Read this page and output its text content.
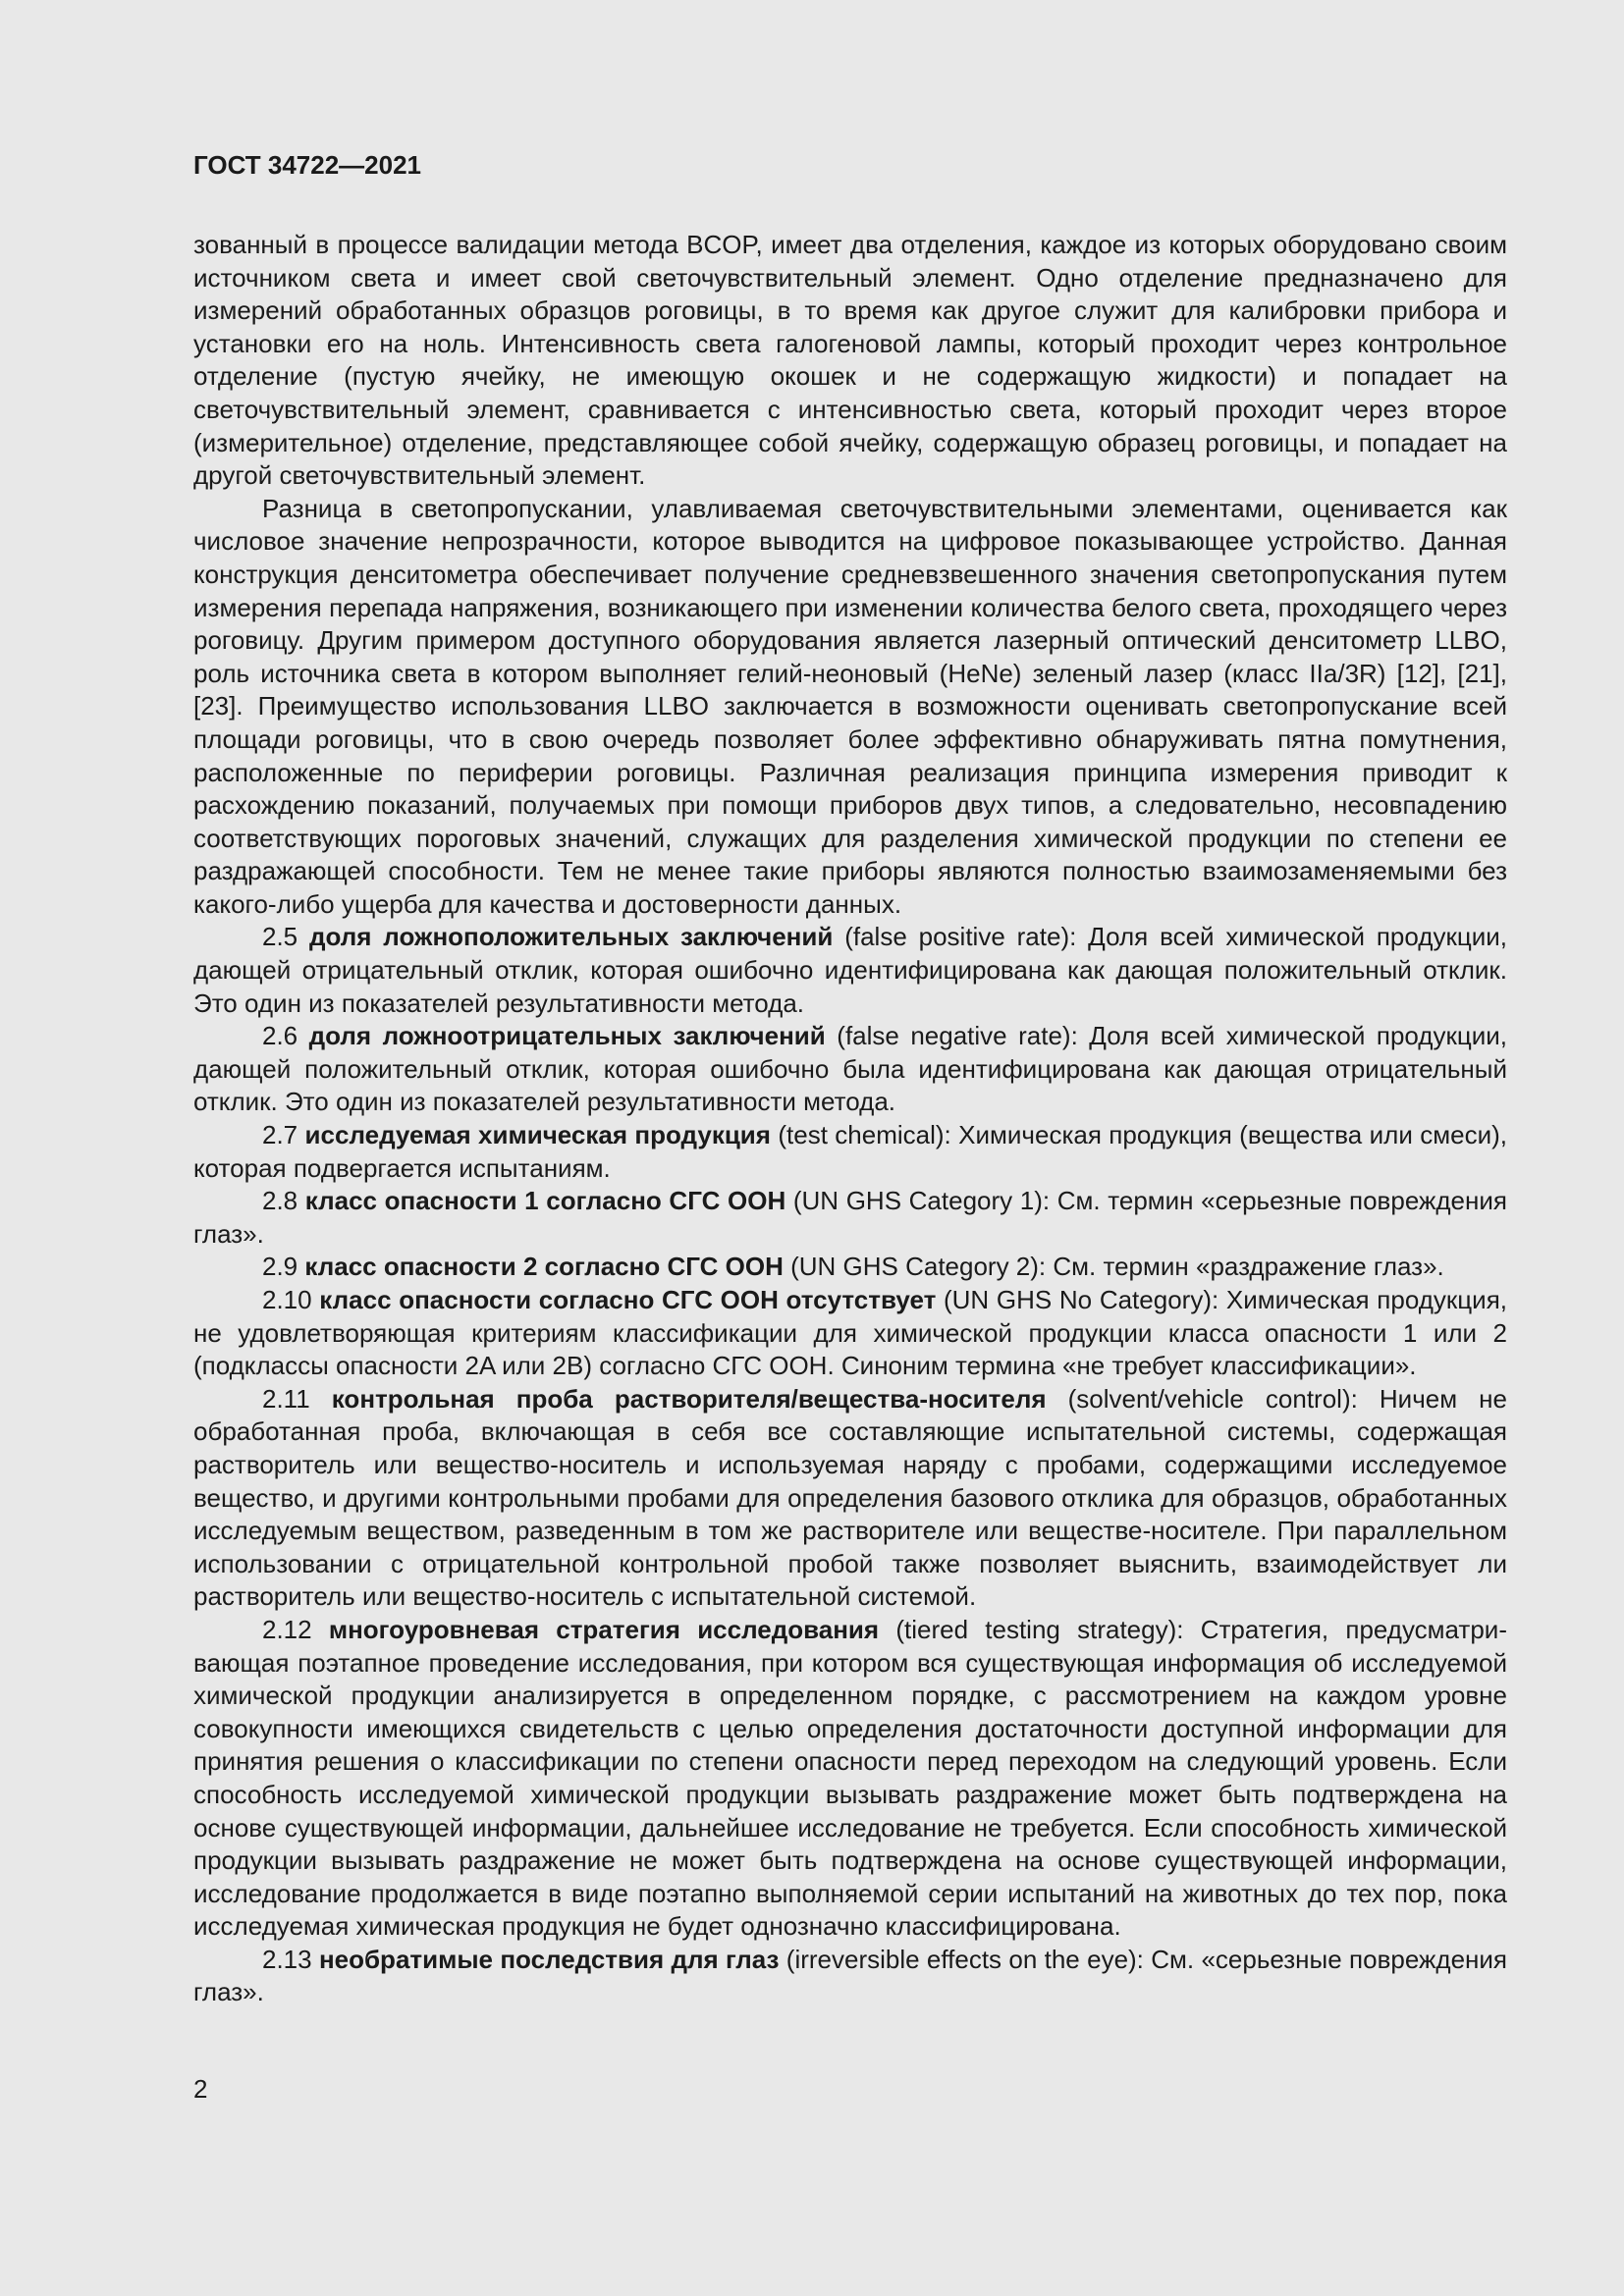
ГОСТ 34722—2021

зованный в процессе валидации метода BCOP, имеет два отделения, каждое из которых оборудовано своим источником света и имеет свой светочувствительный элемент. Одно отделение предназначено для измерений обработанных образцов роговицы, в то время как другое служит для калибровки прибора и установки его на ноль. Интенсивность света галогеновой лампы, который проходит через контрольное отделение (пустую ячейку, не имеющую окошек и не содержащую жидкости) и попадает на светочувствительный элемент, сравнивается с интенсивностью света, который проходит через второе (измерительное) отделение, представляющее собой ячейку, содержащую образец роговицы, и попадает на другой светочувствительный элемент.

Разница в светопропускании, улавливаемая светочувствительными элементами, оценивается как числовое значение непрозрачности, которое выводится на цифровое показывающее устройство. Данная конструкция денситометра обеспечивает получение средневзвешенного значения светопропускания путем измерения перепада напряжения, возникающего при изменении количества белого света, проходящего через роговицу. Другим примером доступного оборудования является лазерный оптический денситометр LLBO, роль источника света в котором выполняет гелий-неоновый (HeNe) зеленый лазер (класс IIa/3R) [12], [21], [23]. Преимущество использования LLBO заключается в возможности оценивать светопропускание всей площади роговицы, что в свою очередь позволяет более эффективно обнаруживать пятна помутнения, расположенные по периферии роговицы. Различная реализация принципа измерения приводит к расхождению показаний, получаемых при помощи приборов двух типов, а следовательно, несовпадению соответствующих пороговых значений, служащих для разделения химической продукции по степени ее раздражающей способности. Тем не менее такие приборы являются полностью взаимозаменяемыми без какого-либо ущерба для качества и достоверности данных.

2.5 доля ложноположительных заключений (false positive rate): Доля всей химической продукции, дающей отрицательный отклик, которая ошибочно идентифицирована как дающая положительный отклик. Это один из показателей результативности метода.

2.6 доля ложноотрицательных заключений (false negative rate): Доля всей химической продукции, дающей положительный отклик, которая ошибочно была идентифицирована как дающая отрицательный отклик. Это один из показателей результативности метода.

2.7 исследуемая химическая продукция (test chemical): Химическая продукция (вещества или смеси), которая подвергается испытаниям.

2.8 класс опасности 1 согласно СГС ООН (UN GHS Category 1): См. термин «серьезные повреждения глаз».

2.9 класс опасности 2 согласно СГС ООН (UN GHS Category 2): См. термин «раздражение глаз».

2.10 класс опасности согласно СГС ООН отсутствует (UN GHS No Category): Химическая продукция, не удовлетворяющая критериям классификации для химической продукции класса опасности 1 или 2 (подклассы опасности 2A или 2B) согласно СГС ООН. Синоним термина «не требует классификации».

2.11 контрольная проба растворителя/вещества-носителя (solvent/vehicle control): Ничем не обработанная проба, включающая в себя все составляющие испытательной системы, содержащая растворитель или вещество-носитель и используемая наряду с пробами, содержащими исследуемое вещество, и другими контрольными пробами для определения базового отклика для образцов, обработанных исследуемым веществом, разведенным в том же растворителе или веществе-носителе. При параллельном использовании с отрицательной контрольной пробой также позволяет выяснить, взаимодействует ли растворитель или вещество-носитель с испытательной системой.

2.12 многоуровневая стратегия исследования (tiered testing strategy): Стратегия, предусматривающая поэтапное проведение исследования, при котором вся существующая информация об исследуемой химической продукции анализируется в определенном порядке, с рассмотрением на каждом уровне совокупности имеющихся свидетельств с целью определения достаточности доступной информации для принятия решения о классификации по степени опасности перед переходом на следующий уровень. Если способность исследуемой химической продукции вызывать раздражение может быть подтверждена на основе существующей информации, дальнейшее исследование не требуется. Если способность химической продукции вызывать раздражение не может быть подтверждена на основе существующей информации, исследование продолжается в виде поэтапно выполняемой серии испытаний на животных до тех пор, пока исследуемая химическая продукция не будет однозначно классифицирована.

2.13 необратимые последствия для глаз (irreversible effects on the eye): См. «серьезные повреждения глаз».

2
